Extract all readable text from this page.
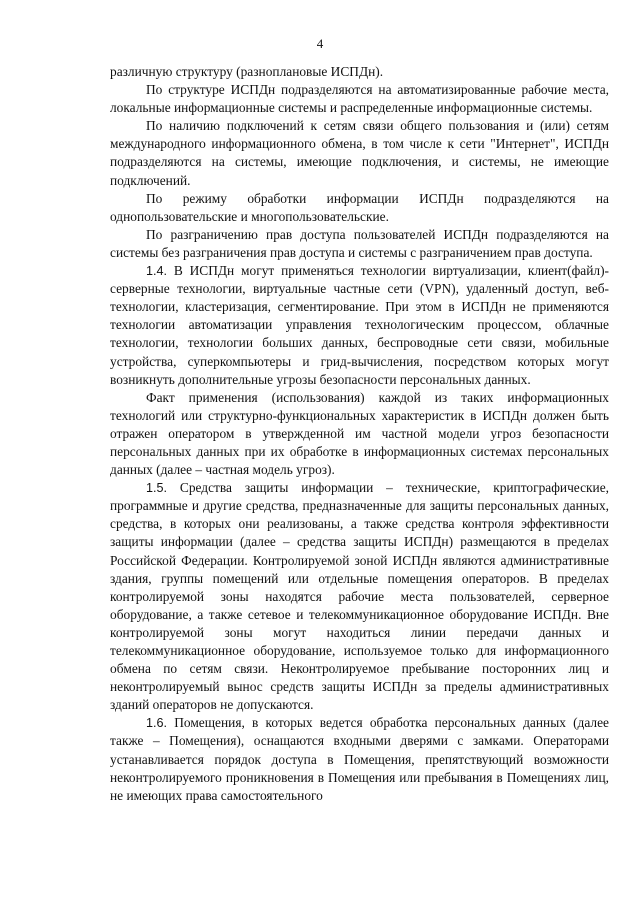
4

различную структуру (разноплановые ИСПДн).

По структуре ИСПДн подразделяются на автоматизированные рабочие места, локальные информационные системы и распределенные информационные системы.

По наличию подключений к сетям связи общего пользования и (или) сетям международного информационного обмена, в том числе к сети "Интернет", ИСПДн подразделяются на системы, имеющие подключения, и системы, не имеющие подключений.

По режиму обработки информации ИСПДн подразделяются на однопользовательские и многопользовательские.

По разграничению прав доступа пользователей ИСПДн подразделяются на системы без разграничения прав доступа и системы с разграничением прав доступа.

1.4. В ИСПДн могут применяться технологии виртуализации, клиент(файл)-серверные технологии, виртуальные частные сети (VPN), удаленный доступ, веб-технологии, кластеризация, сегментирование. При этом в ИСПДн не применяются технологии автоматизации управления технологическим процессом, облачные технологии, технологии больших данных, беспроводные сети связи, мобильные устройства, суперкомпьютеры и грид-вычисления, посредством которых могут возникнуть дополнительные угрозы безопасности персональных данных.

Факт применения (использования) каждой из таких информационных технологий или структурно-функциональных характеристик в ИСПДн должен быть отражен оператором в утвержденной им частной модели угроз безопасности персональных данных при их обработке в информационных системах персональных данных (далее – частная модель угроз).

1.5. Средства защиты информации – технические, криптографические, программные и другие средства, предназначенные для защиты персональных данных, средства, в которых они реализованы, а также средства контроля эффективности защиты информации (далее – средства защиты ИСПДн) размещаются в пределах Российской Федерации. Контролируемой зоной ИСПДн являются административные здания, группы помещений или отдельные помещения операторов. В пределах контролируемой зоны находятся рабочие места пользователей, серверное оборудование, а также сетевое и телекоммуникационное оборудование ИСПДн. Вне контролируемой зоны могут находиться линии передачи данных и телекоммуникационное оборудование, используемое только для информационного обмена по сетям связи. Неконтролируемое пребывание посторонних лиц и неконтролируемый вынос средств защиты ИСПДн за пределы административных зданий операторов не допускаются.

1.6. Помещения, в которых ведется обработка персональных данных (далее также – Помещения), оснащаются входными дверями с замками. Операторами устанавливается порядок доступа в Помещения, препятствующий возможности неконтролируемого проникновения в Помещения или пребывания в Помещениях лиц, не имеющих права самостоятельного
